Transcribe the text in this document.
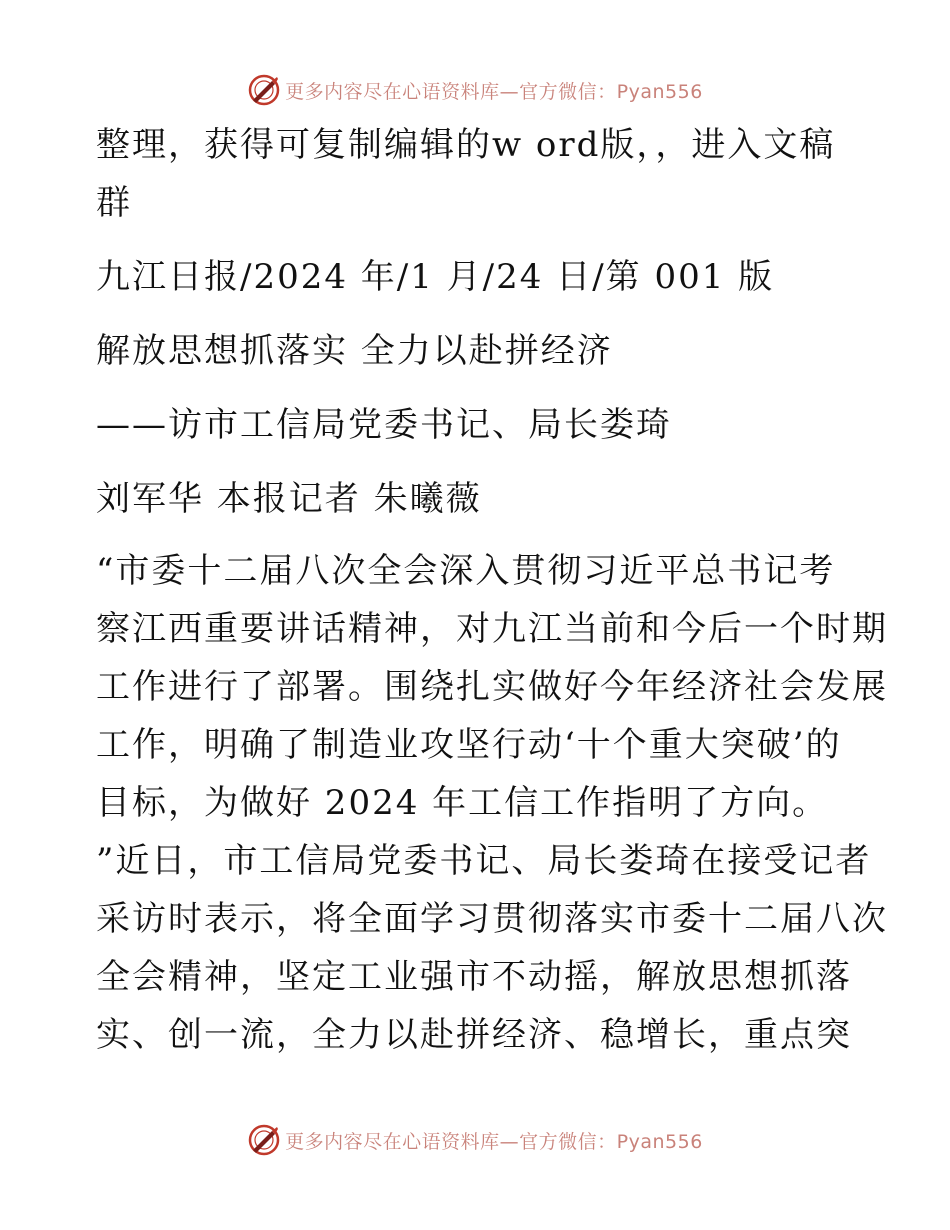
更多内容尽在心语资料库—官方微信：Pyan556
整理，获得可复制编辑的w ord版，，进入文稿
群
九江日报/2024 年/1 月/24 日/第 001 版
解放思想抓落实 全力以赴拼经济
——访市工信局党委书记、局长娄琦
刘军华 本报记者 朱曦薇
“市委十二届八次全会深入贯彻习近平总书记考
察江西重要讲话精神，对九江当前和今后一个时期
工作进行了部署。围绕扎实做好今年经济社会发展
工作，明确了制造业攻坚行动‘十个重大突破’的
目标，为做好 2024 年工信工作指明了方向。
”近日，市工信局党委书记、局长娄琦在接受记者
采访时表示，将全面学习贯彻落实市委十二届八次
全会精神，坚定工业强市不动摇，解放思想抓落
实、创一流，全力以赴拼经济、稳增长，重点突
更多内容尽在心语资料库—官方微信：Pyan556
